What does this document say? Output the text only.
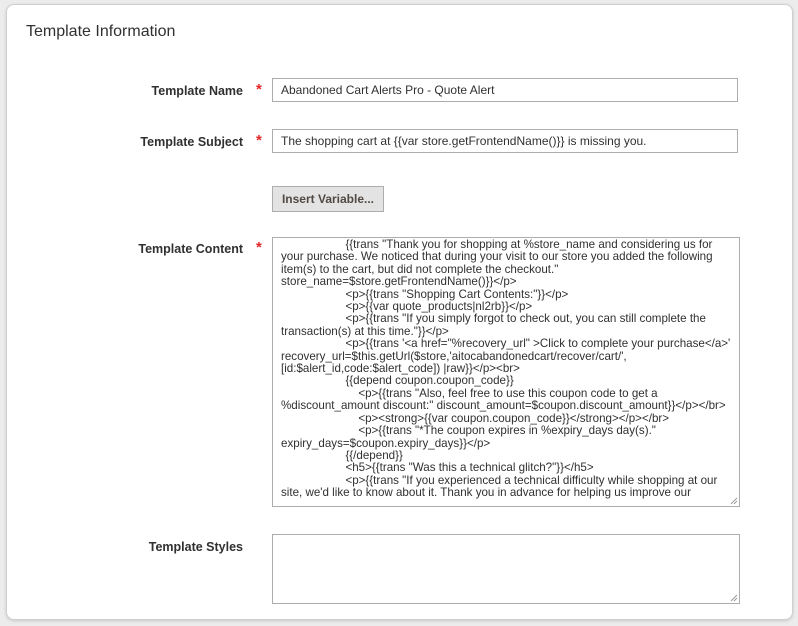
Template Information
Template Name *
Abandoned Cart Alerts Pro - Quote Alert
Template Subject *
The shopping cart at {{var store.getFrontendName()}} is missing you.
Insert Variable...
Template Content *	{{trans "Thank you for shopping at %store_name and considering us for your purchase. We noticed that during your visit to our store you added the following item(s) to the cart, but did not complete the checkout." store_name=$store.getFrontendName()}}</p>
<p>{{trans "Shopping Cart Contents:"}}</p>
<p>{{var quote_products|nl2rb}}</p>
<p>{{trans "If you simply forgot to check out, you can still complete the transaction(s) at this time."}}</p>
<p>{{trans '<a href="%recovery_url" >Click to complete your purchase</a>' recovery_url=$this.getUrl($store,'aitocabandonedcart/recover/cart/',[id:$alert_id,code:$alert_code]) |raw}}</p><br>
{{depend coupon.coupon_code}}
<p>{{trans "Also, feel free to use this coupon code to get a %discount_amount discount:" discount_amount=$coupon.discount_amount}}</p></br>
<p><strong>{{var coupon.coupon_code}}</strong></p></br>
<p>{{trans "*The coupon expires in %expiry_days day(s)." expiry_days=$coupon.expiry_days}}</p>
{{/depend}}
<h5>{{trans "Was this a technical glitch?"}}</h5>
<p>{{trans "If you experienced a technical difficulty while shopping at our site, we'd like to know about it. Thank you in advance for helping us improve our
Template Styles
